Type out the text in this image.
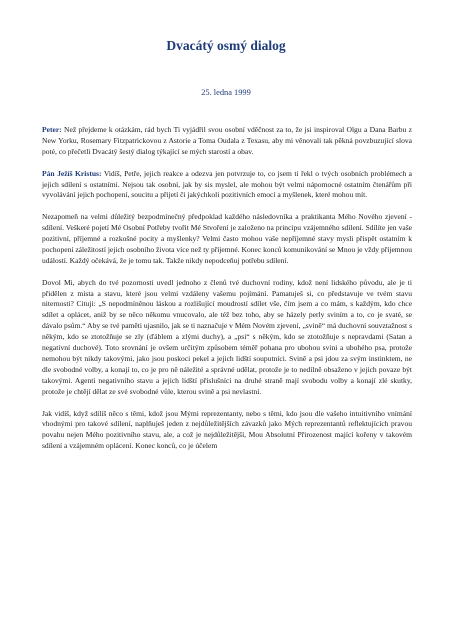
Dvacátý osmý dialog
25. ledna 1999

Peter: Než přejdeme k otázkám, rád bych Ti vyjádřil svou osobní vděčnost za to, že jsi inspiroval Olgu a Dana Barbu z New Yorku, Rosemary Fitzpatrickovou z Astorie a Toma Oudala z Texasu, aby mi věnovali tak pěkná povzbuzující slova poté, co přečetli Dvacátý šestý dialog týkající se mých starostí a obav.

Pán Ježíš Kristus: Vidíš, Petře, jejich reakce a odezva jen potvrzuje to, co jsem ti řekl o tvých osobních problémech a jejich sdílení s ostatními. Nejsou tak osobní, jak by sis myslel, ale mohou být velmi nápomocné ostatním čtenářům při vyvolávání jejich pochopení, soucitu a přijetí či jakýchkoli pozitivních emocí a myšlenek, které mohou mít.

Nezapomeň na velmi důležitý bezpodmínečný předpoklad každého následovníka a praktikanta Mého Nového zjevení - sdílení. Veškeré pojetí Mé Osobní Potřeby tvořit Mé Stvoření je založeno na principu vzájemného sdílení. Sdílíte jen vaše pozitivní, příjemné a rozkošné pocity a myšlenky? Velmi často mohou vaše nepříjemné stavy mysli přispět ostatním k pochopení záležitostí jejich osobního života více než ty příjemné. Konec konců komunikování se Mnou je vždy příjemnou událostí. Každý očekává, že je tomu tak. Takže nikdy nepodceňuj potřebu sdílení.

Dovol Mi, abych do tvé pozornosti uvedl jednoho z členů tvé duchovní rodiny, kdož není lidského původu, ale je ti přidělen z místa a stavu, které jsou velmi vzdáleny vašemu pojímání. Pamatuješ si, co představuje ve tvém stavu niternosti? Cituji: „S nepodmíněnou láskou a rozlišující moudrostí sdílet vše, čím jsem a co mám, s každým, kdo chce sdílet a oplácet, aniž by se něco někomu vnucovalo, ale též bez toho, aby se házely perly sviním a to, co je svaté, se dávalo psům.“ Aby se tvé paměti ujasnilo, jak se ti naznačuje v Mém Novém zjevení, „svině“ má duchovní souvztažnost s někým, kdo se ztotožňuje se zly (ďáblem a zlými duchy), a „psi“ s někým, kdo se ztotožňuje s nepravdami (Satan a negativní duchové). Toto srovnání je ovšem určitým způsobem téměř pohana pro ubohou svini a ubohého psa, protože nemohou být nikdy takovými, jako jsou poskoci pekel a jejich lidští souputníci. Svině a psi jdou za svým instinktem, ne dle svobodné volby, a konají to, co je pro ně náležité a správné udělat, protože je to nedílně obsaženo v jejich povaze být takovými. Agenti negativního stavu a jejich lidští příslušníci na druhé straně mají svobodu volby a konají zlé skutky, protože je chtějí dělat ze své svobodné vůle, kterou svině a psi nevlastní.

Jak vidíš, když sdílíš něco s těmi, kdož jsou Mými reprezentanty, nebo s těmi, kdo jsou dle vašeho intuitivního vnímání vhodnými pro takové sdílení, naplňuješ jeden z nejdůležitějších závazků jako Mých reprezentantů reflektujících pravou povahu nejen Mého pozitivního stavu, ale, a což je nejdůležitější, Mou Absolutní Přirozenost mající kořeny v takovém sdílení a vzájemném oplácení. Konec konců, co je účelem
